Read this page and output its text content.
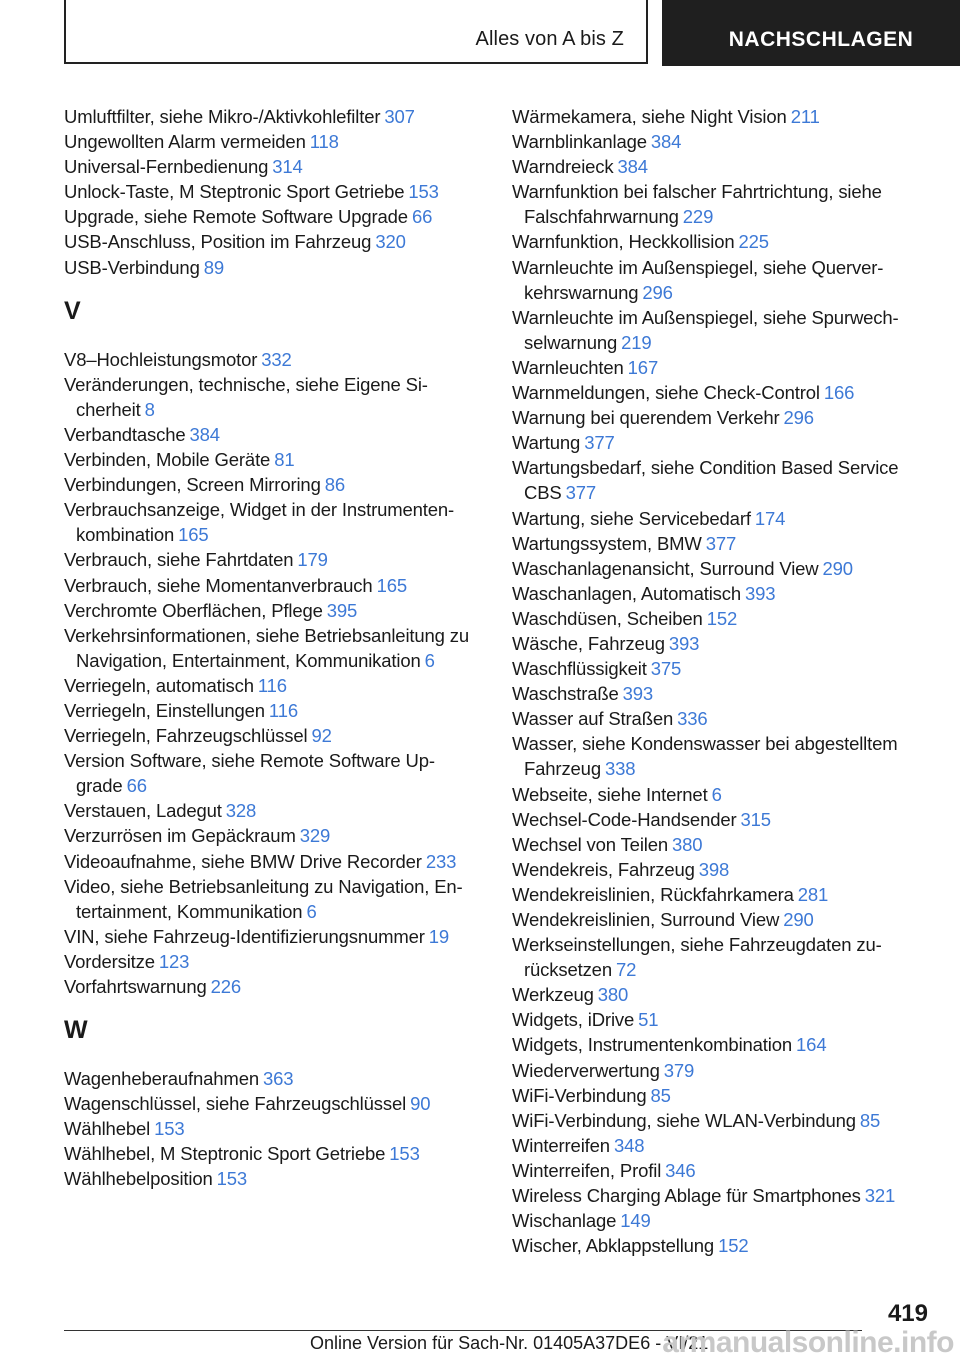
Alles von A bis Z	NACHSCHLAGEN

Umluftfilter, siehe Mikro-/Aktivkohlefilter 307

Ungewollten Alarm vermeiden 118

Universal-Fernbedienung 314

Unlock-Taste, M Steptronic Sport Getriebe 153

Upgrade, siehe Remote Software Upgrade 66

USB-Anschluss, Position im Fahrzeug 320

USB-Verbindung 89

V

V8–Hochleistungsmotor 332

Veränderungen, technische, siehe Eigene Sicherheit 8

Verbandtasche 384

Verbinden, Mobile Geräte 81

Verbindungen, Screen Mirroring 86

Verbrauchsanzeige, Widget in der Instrumentenkombination 165

Verbrauch, siehe Fahrtdaten 179

Verbrauch, siehe Momentanverbrauch 165

Verchromte Oberflächen, Pflege 395

Verkehrsinformationen, siehe Betriebsanleitung zu Navigation, Entertainment, Kommunikation 6

Verriegeln, automatisch 116

Verriegeln, Einstellungen 116

Verriegeln, Fahrzeugschlüssel 92

Version Software, siehe Remote Software Upgrade 66

Verstauen, Ladegut 328

Verzurrösen im Gepäckraum 329

Videoaufnahme, siehe BMW Drive Recorder 233

Video, siehe Betriebsanleitung zu Navigation, Entertainment, Kommunikation 6

VIN, siehe Fahrzeug-Identifizierungsnummer 19

Vordersitze 123

Vorfahrtswarnung 226

W

Wagenheberaufnahmen 363

Wagenschlüssel, siehe Fahrzeugschlüssel 90

Wählhebel 153

Wählhebel, M Steptronic Sport Getriebe 153

Wählhebelposition 153

Wärmekamera, siehe Night Vision 211

Warnblinkanlage 384

Warndreieck 384

Warnfunktion bei falscher Fahrtrichtung, siehe Falschfahrwarnung 229

Warnfunktion, Heckkollision 225

Warnleuchte im Außenspiegel, siehe Querverkehrswarnung 296

Warnleuchte im Außenspiegel, siehe Spurwechselwarnung 219

Warnleuchten 167

Warnmeldungen, siehe Check-Control 166

Warnung bei querendem Verkehr 296

Wartung 377

Wartungsbedarf, siehe Condition Based Service CBS 377

Wartung, siehe Servicebedarf 174

Wartungssystem, BMW 377

Waschanlagenansicht, Surround View 290

Waschanlagen, Automatisch 393

Waschdüsen, Scheiben 152

Wäsche, Fahrzeug 393

Waschflüssigkeit 375

Waschstraße 393

Wasser auf Straßen 336

Wasser, siehe Kondenswasser bei abgestelltem Fahrzeug 338

Webseite, siehe Internet 6

Wechsel-Code-Handsender 315

Wechsel von Teilen 380

Wendekreis, Fahrzeug 398

Wendekreislinien, Rückfahrkamera 281

Wendekreislinien, Surround View 290

Werkseinstellungen, siehe Fahrzeugdaten zurücksetzen 72

Werkzeug 380

Widgets, iDrive 51

Widgets, Instrumentenkombination 164

Wiederverwertung 379

WiFi-Verbindung 85

WiFi-Verbindung, siehe WLAN-Verbindung 85

Winterreifen 348

Winterreifen, Profil 346

Wireless Charging Ablage für Smartphones 321

Wischanlage 149

Wischer, Abklappstellung 152

419
Online Version für Sach-Nr. 01405A37DE6 - VI/21
armanualsonline.info
